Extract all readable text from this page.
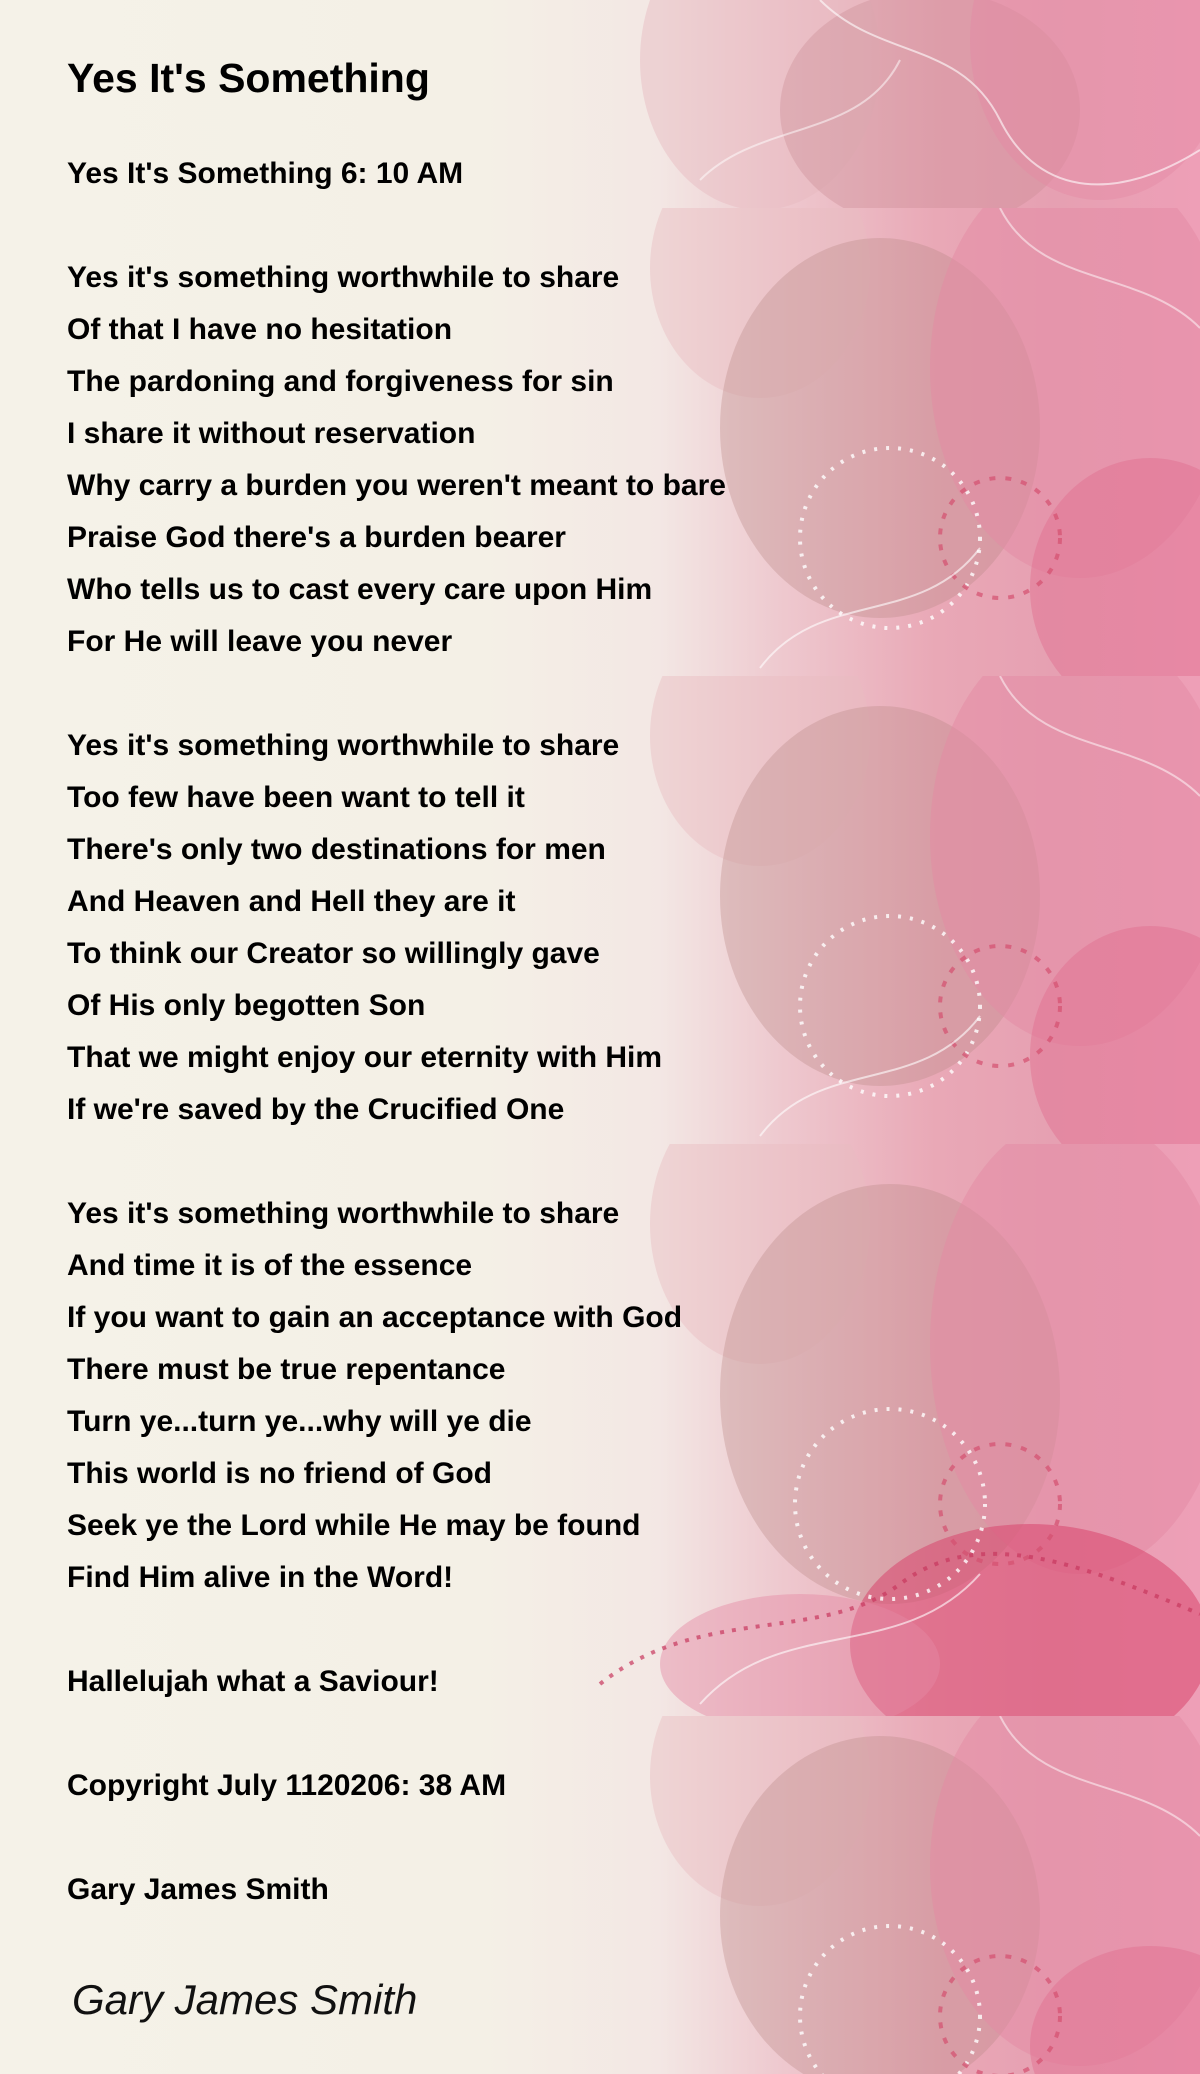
Yes It's Something
Yes It's Something 6: 10 AM
Yes it's something worthwhile to share
Of that I have no hesitation
The pardoning and forgiveness for sin
I share it without reservation
Why carry a burden you weren't meant to bare
Praise God there's a burden bearer
Who tells us to cast every care upon Him
For He will leave you never
Yes it's something worthwhile to share
Too few have been want to tell it
There's only two destinations for men
And Heaven and Hell they are it
To think our Creator so willingly gave
Of His only begotten Son
That we might enjoy our eternity with Him
If we're saved by the Crucified One
Yes it's something worthwhile to share
And time it is of the essence
If you want to gain an acceptance with God
There must be true repentance
Turn ye...turn ye...why will ye die
This world is no friend of God
Seek ye the Lord while He may be found
Find Him alive in the Word!
Hallelujah what a Saviour!
Copyright July 1120206: 38 AM
Gary James Smith
Gary James Smith
